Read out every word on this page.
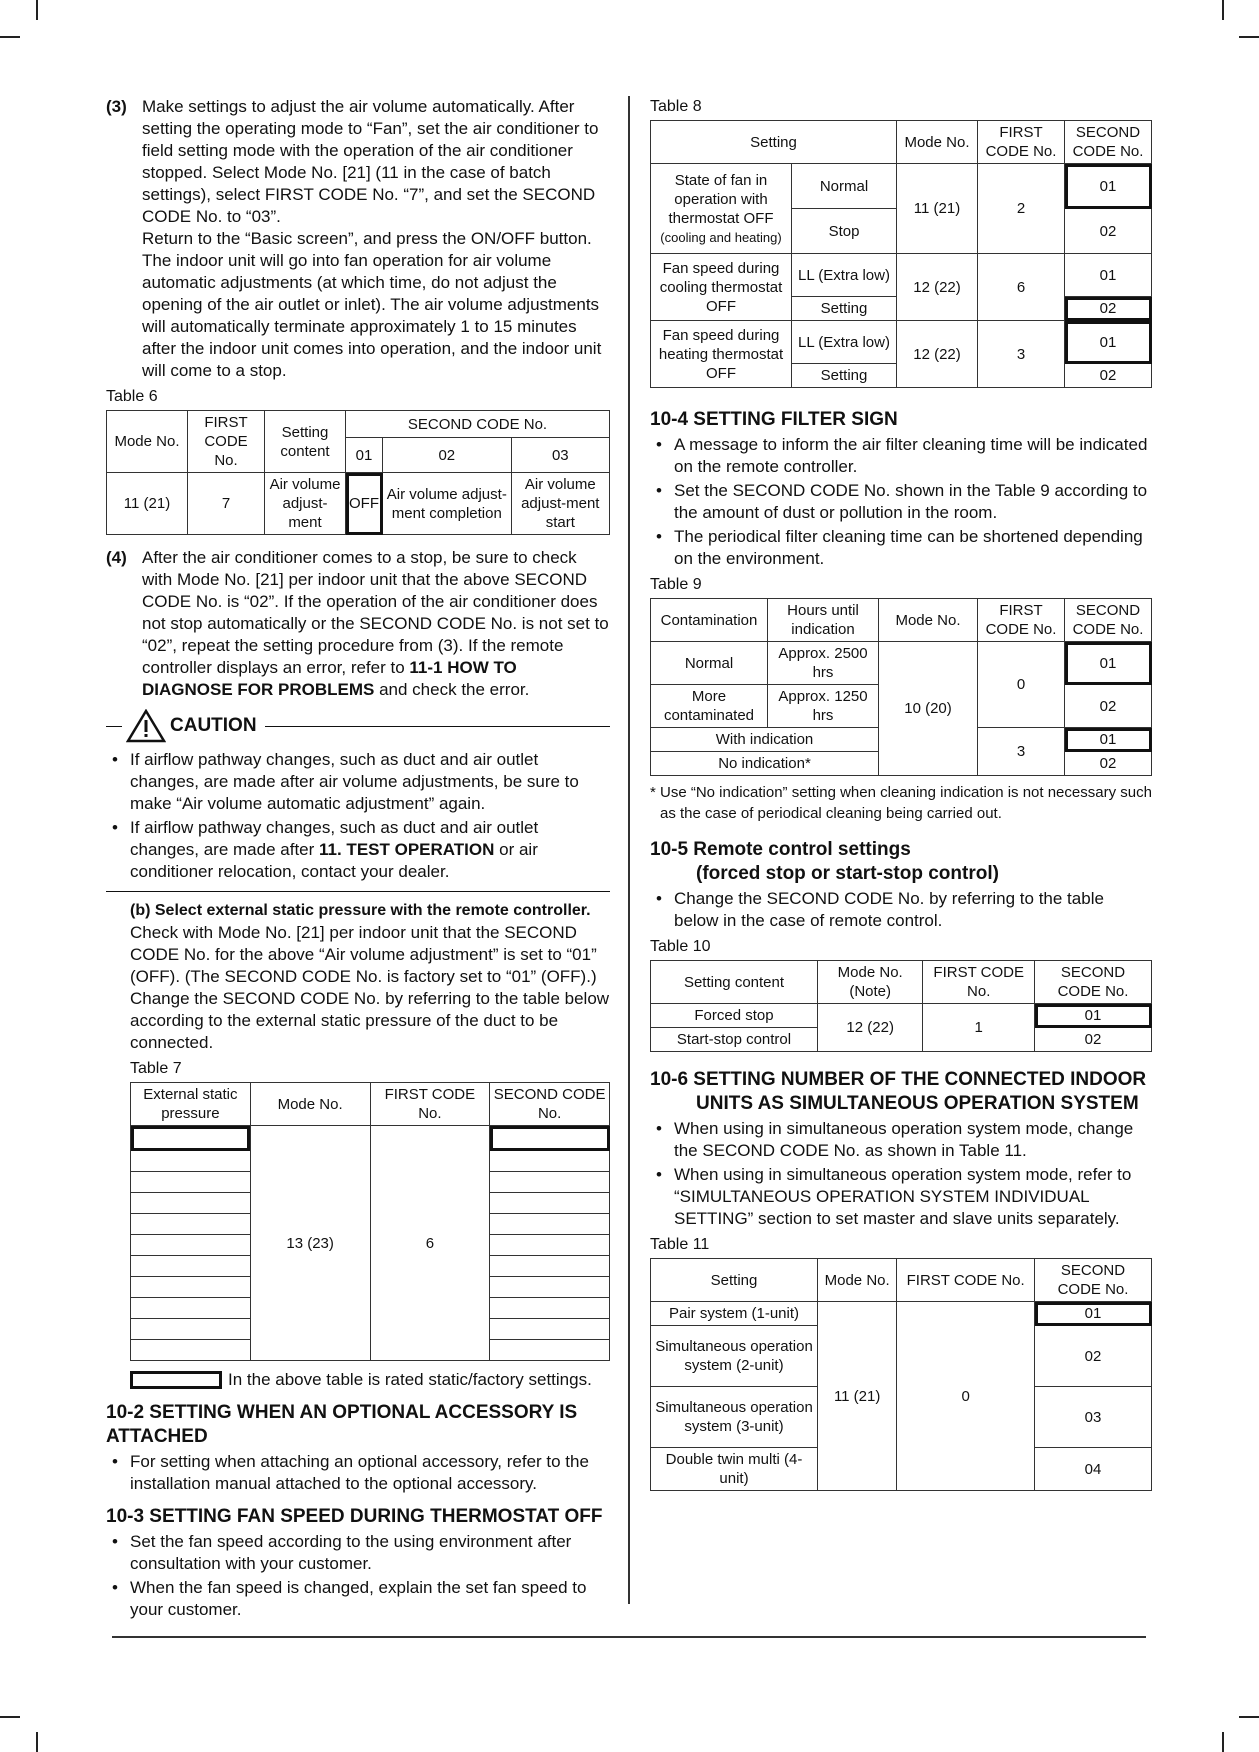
(3) Make settings to adjust the air volume automatically. After setting the operating mode to “Fan”, set the air conditioner to field setting mode with the operation of the air conditioner stopped. Select Mode No. [21] (11 in the case of batch settings), select FIRST CODE No. “7”, and set the SECOND CODE No. to “03”.
Return to the “Basic screen”, and press the ON/OFF button. The indoor unit will go into fan operation for air volume automatic adjustments (at which time, do not adjust the opening of the air outlet or inlet). The air volume adjustments will automatically terminate approximately 1 to 15 minutes after the indoor unit comes into operation, and the indoor unit will come to a stop.
Table 6
Mode No.	FIRST CODE No.	Setting content	SECOND CODE No.		
			01	02	03
11 (21)	7	Air volume adjust-ment	OFF	Air volume adjust-ment completion	Air volume adjust-ment start
(4) After the air conditioner comes to a stop, be sure to check with Mode No. [21] per indoor unit that the above SECOND CODE No. is “02”. If the operation of the air conditioner does not stop automatically or the SECOND CODE No. is not set to “02”, repeat the setting procedure from (3). If the remote controller displays an error, refer to 11-1 HOW TO DIAGNOSE FOR PROBLEMS and check the error.
CAUTION
• If airflow pathway changes, such as duct and air outlet changes, are made after air volume adjustments, be sure to make “Air volume automatic adjustment” again.
• If airflow pathway changes, such as duct and air outlet changes, are made after 11. TEST OPERATION or air conditioner relocation, contact your dealer.
(b) Select external static pressure with the remote controller.
Check with Mode No. [21] per indoor unit that the SECOND CODE No. for the above “Air volume adjustment” is set to “01” (OFF). (The SECOND CODE No. is factory set to “01” (OFF).) Change the SECOND CODE No. by referring to the table below according to the external static pressure of the duct to be connected.
Table 7
External static pressure	Mode No.	FIRST CODE No.	SECOND CODE No.
	13 (23)	6	

In the above table is rated static/factory settings.
10-2 SETTING WHEN AN OPTIONAL ACCESSORY IS ATTACHED
• For setting when attaching an optional accessory, refer to the installation manual attached to the optional accessory.
10-3 SETTING FAN SPEED DURING THERMOSTAT OFF
• Set the fan speed according to the using environment after consultation with your customer.
• When the fan speed is changed, explain the set fan speed to your customer.
Table 8
Setting		Mode No.	FIRST CODE No.	SECOND CODE No.
State of fan in operation with thermostat OFF
(cooling and heating)	Normal	11 (21)	2	01
	Stop			02
Fan speed during cooling thermostat OFF	LL (Extra low)	12 (22)	6	01
	Setting			02
Fan speed during heating thermostat OFF	LL (Extra low)	12 (22)	3	01
	Setting			02
10-4 SETTING FILTER SIGN
• A message to inform the air filter cleaning time will be indicated on the remote controller.
• Set the SECOND CODE No. shown in the Table 9 according to the amount of dust or pollution in the room.
• The periodical filter cleaning time can be shortened depending on the environment.
Table 9
Contamination	Hours until indication	Mode No.	FIRST CODE No.	SECOND CODE No.
Normal	Approx. 2500 hrs	10 (20)	0	01
More contaminated	Approx. 1250 hrs			02
With indication			3	01
No indication*				02
* Use “No indication” setting when cleaning indication is not necessary such as the case of periodical cleaning being carried out.
10-5 Remote control settings
(forced stop or start-stop control)
• Change the SECOND CODE No. by referring to the table below in the case of remote control.
Table 10
Setting content	Mode No. (Note)	FIRST CODE No.	SECOND CODE No.
Forced stop	12 (22)	1	01
Start-stop control			02
10-6 SETTING NUMBER OF THE CONNECTED INDOOR UNITS AS SIMULTANEOUS OPERATION SYSTEM
• When using in simultaneous operation system mode, change the SECOND CODE No. as shown in Table 11.
• When using in simultaneous operation system mode, refer to “SIMULTANEOUS OPERATION SYSTEM INDIVIDUAL SETTING” section to set master and slave units separately.
Table 11
Setting	Mode No.	FIRST CODE No.	SECOND CODE No.
Pair system (1-unit)	11 (21)	0	01
Simultaneous operation system (2-unit)			02
Simultaneous operation system (3-unit)			03
Double twin multi (4-unit)			04
